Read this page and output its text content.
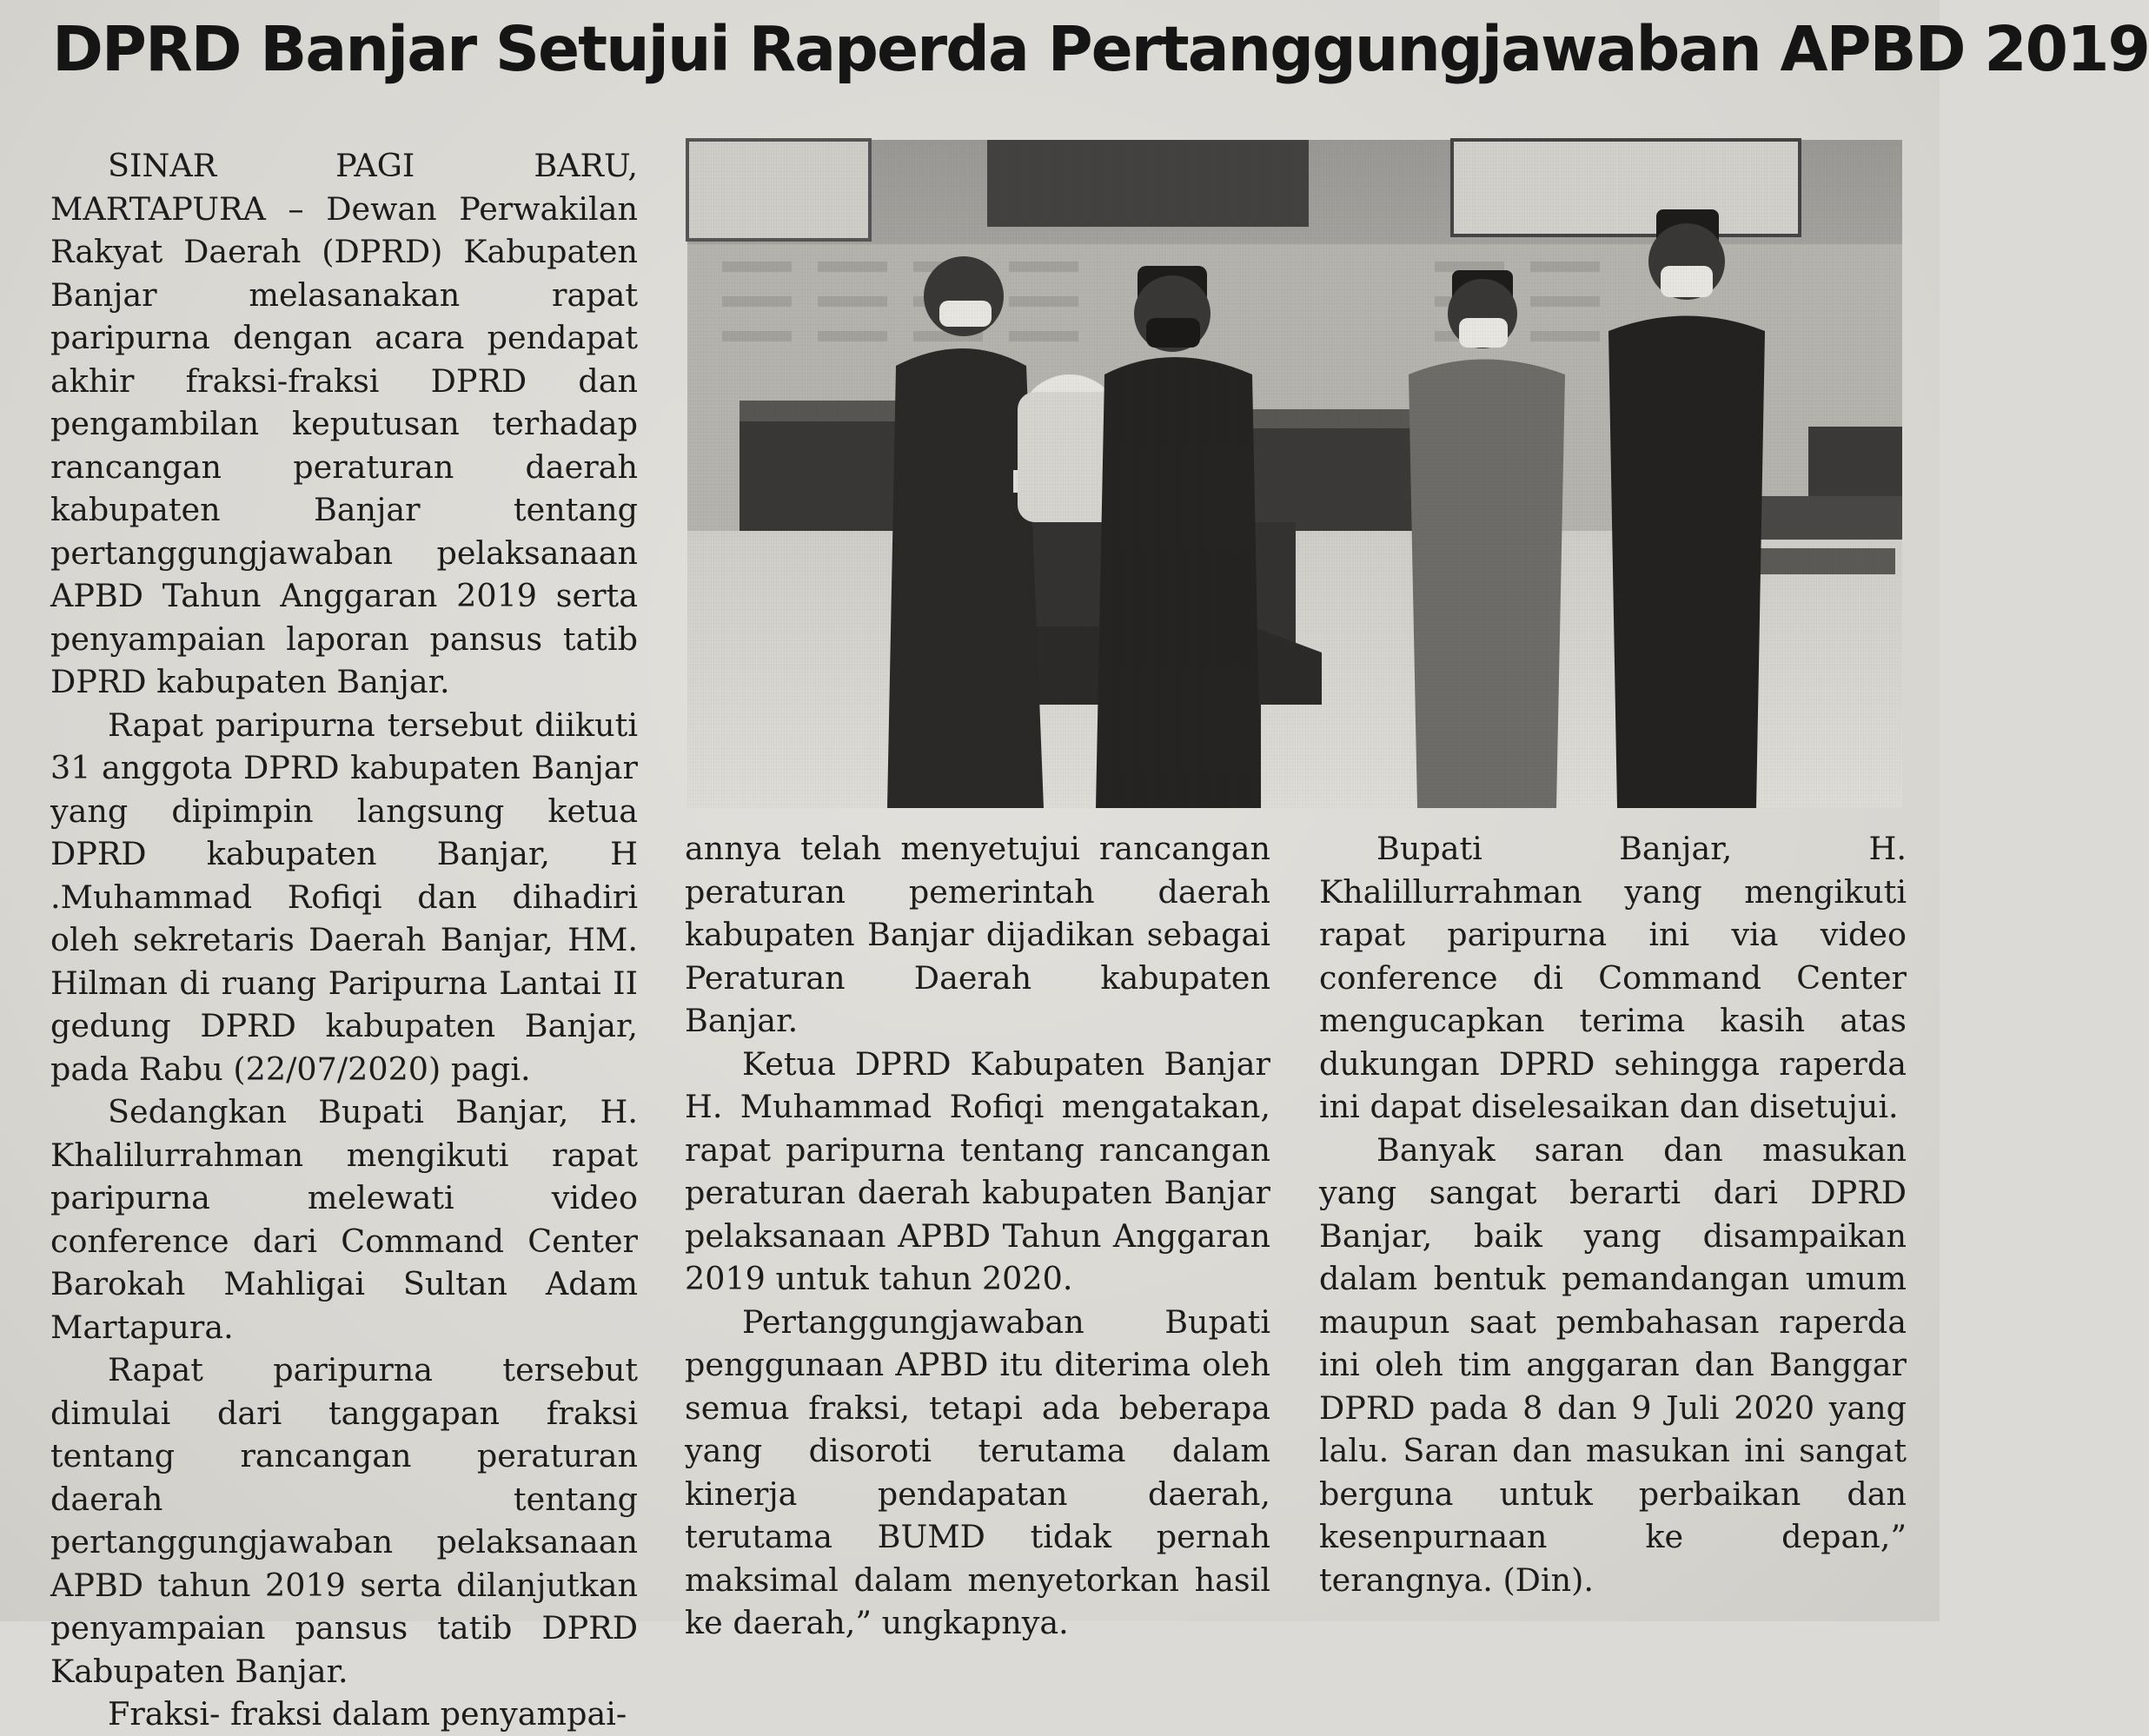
DPRD Banjar Setujui Raperda Pertanggungjawaban APBD 2019

SINAR PAGI BARU, MARTAPURA – Dewan Perwakilan Rakyat Daerah (DPRD) Kabupaten Banjar melasanakan rapat paripurna dengan acara pendapat akhir fraksi-fraksi DPRD dan pengambilan keputusan terhadap rancangan peraturan daerah kabupaten Banjar tentang pertanggungjawaban pelaksanaan APBD Tahun Anggaran 2019 serta penyampaian laporan pansus tatib DPRD kabupaten Banjar.

Rapat paripurna tersebut diikuti 31 anggota DPRD kabupaten Banjar yang dipimpin langsung ketua DPRD kabupaten Banjar, H .Muhammad Rofiqi dan dihadiri oleh sekretaris Daerah Banjar, HM. Hilman di ruang Paripurna Lantai II gedung DPRD kabupaten Banjar, pada Rabu (22/07/2020) pagi.

Sedangkan Bupati Banjar, H. Khalilurrahman mengikuti rapat paripurna melewati video conference dari Command Center Barokah Mahligai Sultan Adam Martapura.

Rapat paripurna tersebut dimulai dari tanggapan fraksi tentang rancangan peraturan daerah tentang pertanggungjawaban pelaksanaan APBD tahun 2019 serta dilanjutkan penyampaian pansus tatib DPRD Kabupaten Banjar.

Fraksi- fraksi dalam penyampai-

annya telah menyetujui rancangan peraturan pemerintah daerah kabupaten Banjar dijadikan sebagai Peraturan Daerah kabupaten Banjar.

Ketua DPRD Kabupaten Banjar H. Muhammad Rofiqi mengatakan, rapat paripurna tentang rancangan peraturan daerah kabupaten Banjar pelaksanaan APBD Tahun Anggaran 2019 untuk tahun 2020.

Pertanggungjawaban Bupati penggunaan APBD itu diterima oleh semua fraksi, tetapi ada beberapa yang disoroti terutama dalam kinerja pendapatan daerah, terutama BUMD tidak pernah maksimal dalam menyetorkan hasil ke daerah,” ungkapnya.

Bupati Banjar, H. Khalillurrahman yang mengikuti rapat paripurna ini via video conference di Command Center mengucapkan terima kasih atas dukungan DPRD sehingga raperda ini dapat diselesaikan dan disetujui.

Banyak saran dan masukan yang sangat berarti dari DPRD Banjar, baik yang disampaikan dalam bentuk pemandangan umum maupun saat pembahasan raperda ini oleh tim anggaran dan Banggar DPRD pada 8 dan 9 Juli 2020 yang lalu. Saran dan masukan ini sangat berguna untuk perbaikan dan kesenpurnaan ke depan,” terangnya. (Din).
